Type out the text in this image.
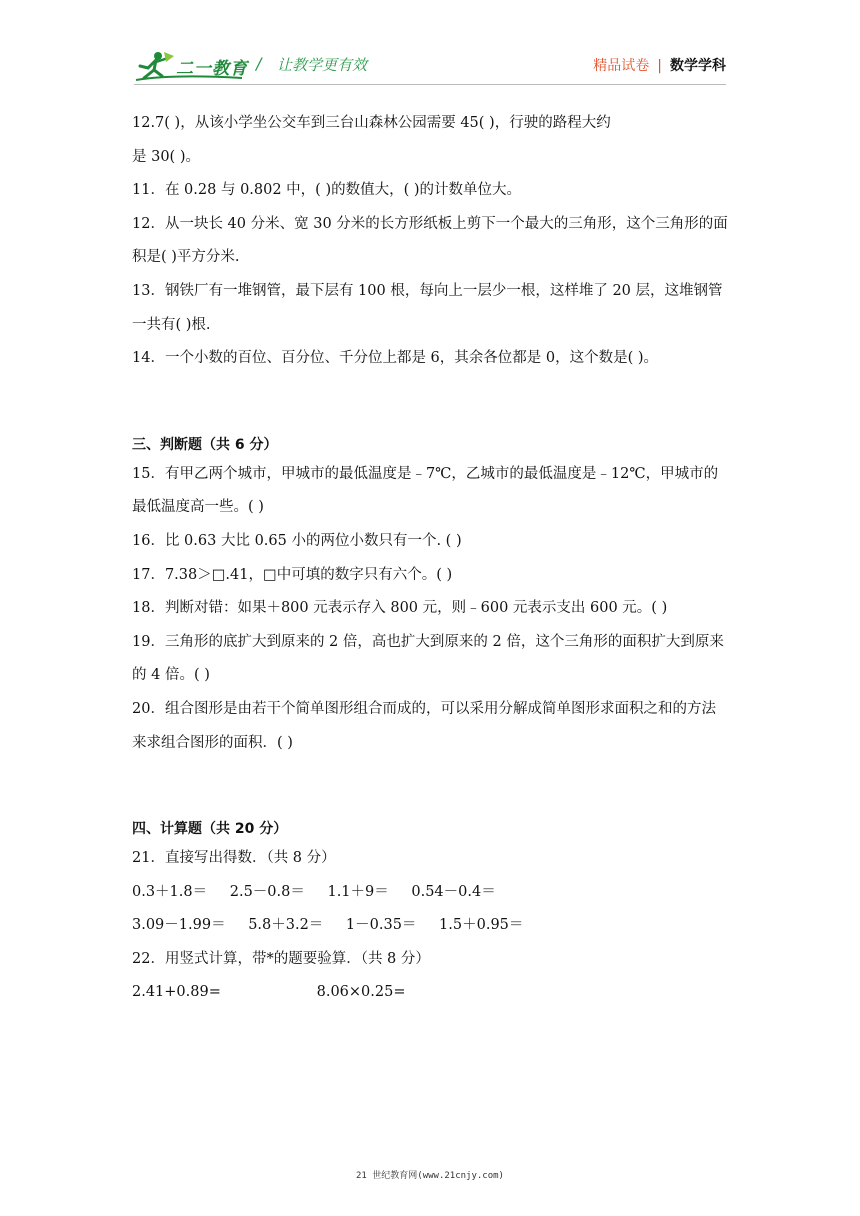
二一教育 / 让教学更有效	精品试卷 | 数学学科
12.7( )，从该小学坐公交车到三台山森林公园需要 45( )，行驶的路程大约
是 30( )。
11．在 0.28 与 0.802 中，( )的数值大，( )的计数单位大。
12．从一块长 40 分米、宽 30 分米的长方形纸板上剪下一个最大的三角形，这个三角形的面
积是( )平方分米.
13．钢铁厂有一堆钢管，最下层有 100 根，每向上一层少一根，这样堆了 20 层，这堆钢管
一共有( )根.
14．一个小数的百位、百分位、千分位上都是 6，其余各位都是 0，这个数是( )。
三、判断题（共 6 分）
15．有甲乙两个城市，甲城市的最低温度是﹣7℃，乙城市的最低温度是﹣12℃，甲城市的
最低温度高一些。( )
16．比 0.63 大比 0.65 小的两位小数只有一个. ( )
17．7.38＞□.41，□中可填的数字只有六个。( )
18．判断对错：如果＋800 元表示存入 800 元，则﹣600 元表示支出 600 元。( )
19．三角形的底扩大到原来的 2 倍，高也扩大到原来的 2 倍，这个三角形的面积扩大到原来
的 4 倍。( )
20．组合图形是由若干个简单图形组合而成的，可以采用分解成简单图形求面积之和的方法
来求组合图形的面积．( )
四、计算题（共 20 分）
21．直接写出得数．（共 8 分）
0.3＋1.8＝ 2.5－0.8＝ 1.1＋9＝ 0.54－0.4＝
3.09－1.99＝ 5.8＋3.2＝ 1－0.35＝ 1.5＋0.95＝
22．用竖式计算，带*的题要验算．（共 8 分）
2.41+0.89=	8.06×0.25=
21 世纪教育网(www.21cnjy.com)
